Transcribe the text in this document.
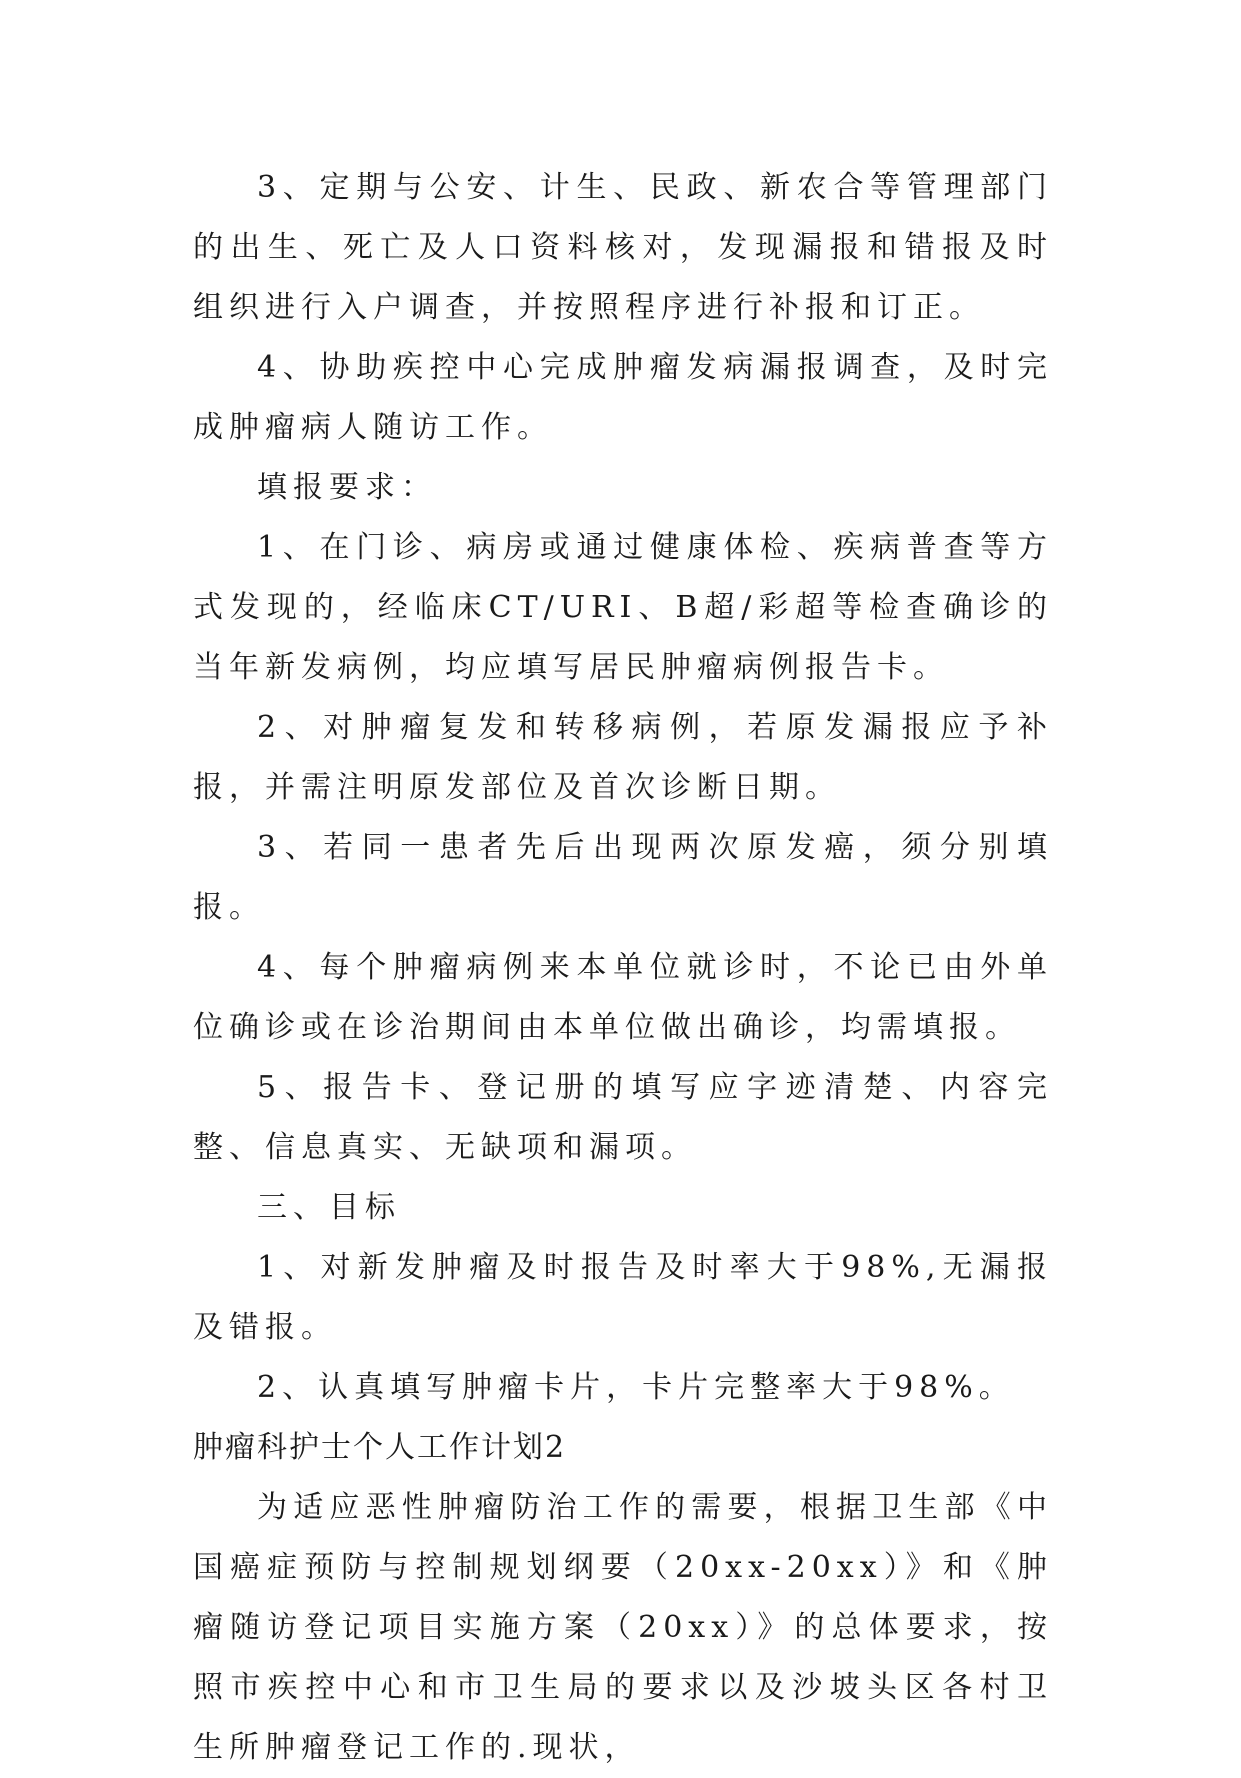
3、定期与公安、计生、民政、新农合等管理部门的出生、死亡及人口资料核对，发现漏报和错报及时组织进行入户调查，并按照程序进行补报和订正。

4、协助疾控中心完成肿瘤发病漏报调查，及时完成肿瘤病人随访工作。

填报要求：

1、在门诊、病房或通过健康体检、疾病普查等方式发现的，经临床CT/URI、B超/彩超等检查确诊的当年新发病例，均应填写居民肿瘤病例报告卡。

2、对肿瘤复发和转移病例，若原发漏报应予补报，并需注明原发部位及首次诊断日期。

3、若同一患者先后出现两次原发癌，须分别填报。

4、每个肿瘤病例来本单位就诊时，不论已由外单位确诊或在诊治期间由本单位做出确诊，均需填报。

5、报告卡、登记册的填写应字迹清楚、内容完整、信息真实、无缺项和漏项。

三、目标

1、对新发肿瘤及时报告及时率大于98%,无漏报及错报。

2、认真填写肿瘤卡片，卡片完整率大于98%。

肿瘤科护士个人工作计划2

为适应恶性肿瘤防治工作的需要，根据卫生部《中国癌症预防与控制规划纲要（20xx-20xx）》和《肿瘤随访登记项目实施方案（20xx）》的总体要求，按照市疾控中心和市卫生局的要求以及沙坡头区各村卫生所肿瘤登记工作的.现状，
